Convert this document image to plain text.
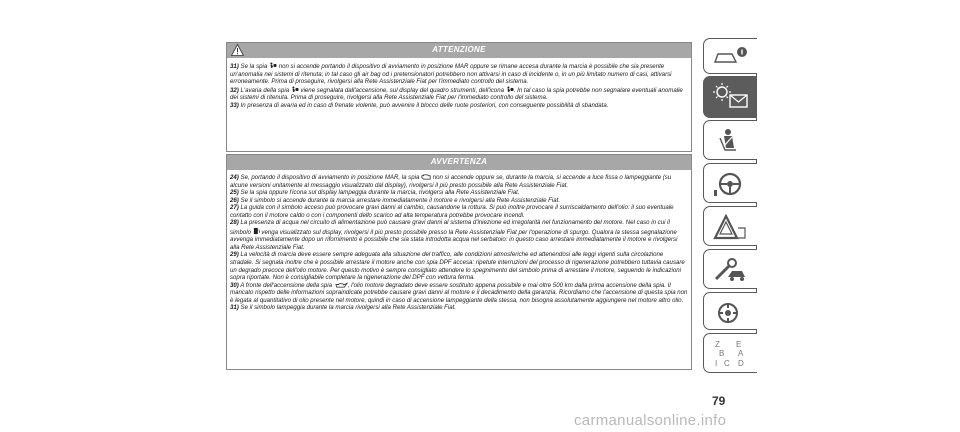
ATTENZIONE

31) Se la spia non si accende portando il dispositivo di avviamento in posizione MAR oppure se rimane accesa durante la marcia è possibile che sia presente un'anomalia nei sistemi di ritenuta; in tal caso gli air bag od i pretensionatori potrebbero non attivarsi in caso di incidente o, in un più limitato numero di casi, attivarsi erroneamente. Prima di proseguire, rivolgersi alla Rete Assistenziale Fiat per l'immediato controllo del sistema.

32) L'avaria della spia viene segnalata dall'accensione, sul display del quadro strumenti, dell'icona . In tal caso la spia potrebbe non segnalare eventuali anomalie dei sistemi di ritenuta. Prima di proseguire, rivolgersi alla Rete Assistenziale Fiat per l'immediato controllo del sistema.

33) In presenza di avaria ed in caso di frenate violente, può avvenire il blocco delle ruote posteriori, con conseguente possibilità di sbandata.

AVVERTENZA

24) Se, portando il dispositivo di avviamento in posizione MAR, la spia non si accende oppure se, durante la marcia, si accende a luce fissa o lampeggiante (su alcune versioni unitamente al messaggio visualizzato dal display), rivolgersi il più presto possibile alla Rete Assistenziale Fiat.

25) Se la spia oppure l'icona sul display lampeggia durante la marcia, rivolgersi alla Rete Assistenziale Fiat.

26) Se il simbolo si accende durante la marcia arrestare immediatamente il motore e rivolgersi alla Rete Assistenziale Fiat.

27) La guida con il simbolo acceso può provocare gravi danni al cambio, causandone la rottura. Si può inoltre provocare il surriscaldamento dell'olio: il suo eventuale contatto con il motore caldo o con i componenti dello scarico ad alta temperatura potrebbe provocare incendi.

28) La presenza di acqua nel circuito di alimentazione può causare gravi danni al sistema d'iniezione ed irregolarità nel funzionamento del motore. Nel caso in cui il simbolo venga visualizzato sul display, rivolgersi il più presto possibile presso la Rete Assistenziale Fiat per l'operazione di spurgo. Qualora la stessa segnalazione avvenga immediatamente dopo un rifornimento è possibile che sia stata introdotta acqua nel serbatoio: in questo caso arrestare immediatamente il motore e rivolgersi alla Rete Assistenziale Fiat.

29) La velocità di marcia deve essere sempre adeguata alla situazione del traffico, alle condizioni atmosferiche ed attenendosi alle leggi vigenti sulla circolazione stradale. Si segnala inoltre che è possibile arrestare il motore anche con spia DPF accesa: ripetute interruzioni del processo di rigenerazione potrebbero tuttavia causare un degrado precoce dell'olio motore. Per questo motivo è sempre consigliato attendere lo spegnimento del simbolo prima di arrestare il motore, seguendo le indicazioni sopra riportate. Non è consigliabile completare la rigenerazione del DPF con vettura ferma.

30) A fronte dell'accensione della spia	, l'olio motore degradato deve essere sostituito appena possibile e mai oltre 500 km dalla prima accensione della spia. Il mancato rispetto delle informazioni sopraindicate potrebbe causare gravi danni al motore e il decadimento della garanzia. Ricordiamo che l'accensione di questa spia non è legata al quantitativo di olio presente nel motore, quindi in caso di accensione lampeggiante della stessa, non bisogna assolutamente aggiungere nel motore altro olio.

31) Se il simbolo lampeggia durante la marcia rivolgersi alla Rete Assistenziale Fiat.

Z E
B A
I C D
79
carmanualsonline.info
